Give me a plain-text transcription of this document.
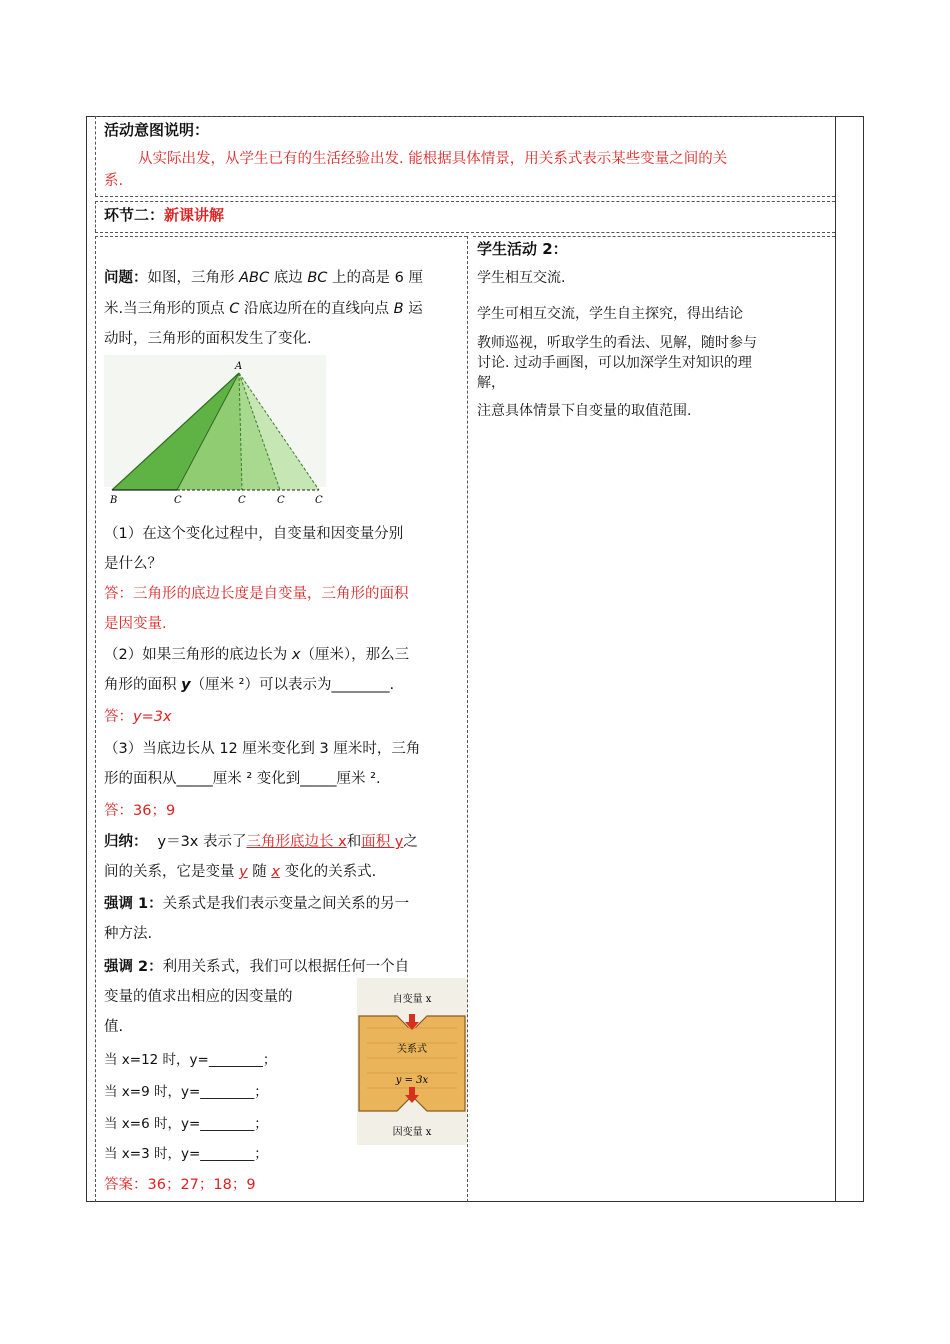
活动意图说明：
从实际出发，从学生已有的生活经验出发. 能根据具体情景，用关系式表示某些变量之间的关
系.
环节二：新课讲解
问题：如图，三角形 ABC 底边 BC 上的高是 6 厘
米.当三角形的顶点 C 沿底边所在的直线向点 B 运
动时，三角形的面积发生了变化.
A
B	C	C	C	C
（1）在这个变化过程中，自变量和因变量分别
是什么？
答：三角形的底边长度是自变量，三角形的面积
是因变量.
（2）如果三角形的底边长为 x（厘米），那么三
角形的面积 y（厘米 ²）可以表示为________.
答：y=3x
（3）当底边长从 12 厘米变化到 3 厘米时，三角
形的面积从_____厘米 ² 变化到_____厘米 ².
答：36；9
归纳： y＝3x 表示了三角形底边长 x和面积 y之
间的关系，它是变量 y 随 x 变化的关系式.
强调 1：关系式是我们表示变量之间关系的另一
种方法.
强调 2：利用关系式，我们可以根据任何一个自
变量的值求出相应的因变量的
值.
当 x=12 时，y=________；
当 x=9 时，y=________；
当 x=6 时，y=________；
当 x=3 时，y=________；
答案：36；27；18；9
自变量 x
关系式
y = 3x
因变量 x
学生活动 2：
学生相互交流.
学生可相互交流，学生自主探究，得出结论
教师巡视，听取学生的看法、见解，随时参与
讨论. 过动手画图，可以加深学生对知识的理
解，
注意具体情景下自变量的取值范围.
